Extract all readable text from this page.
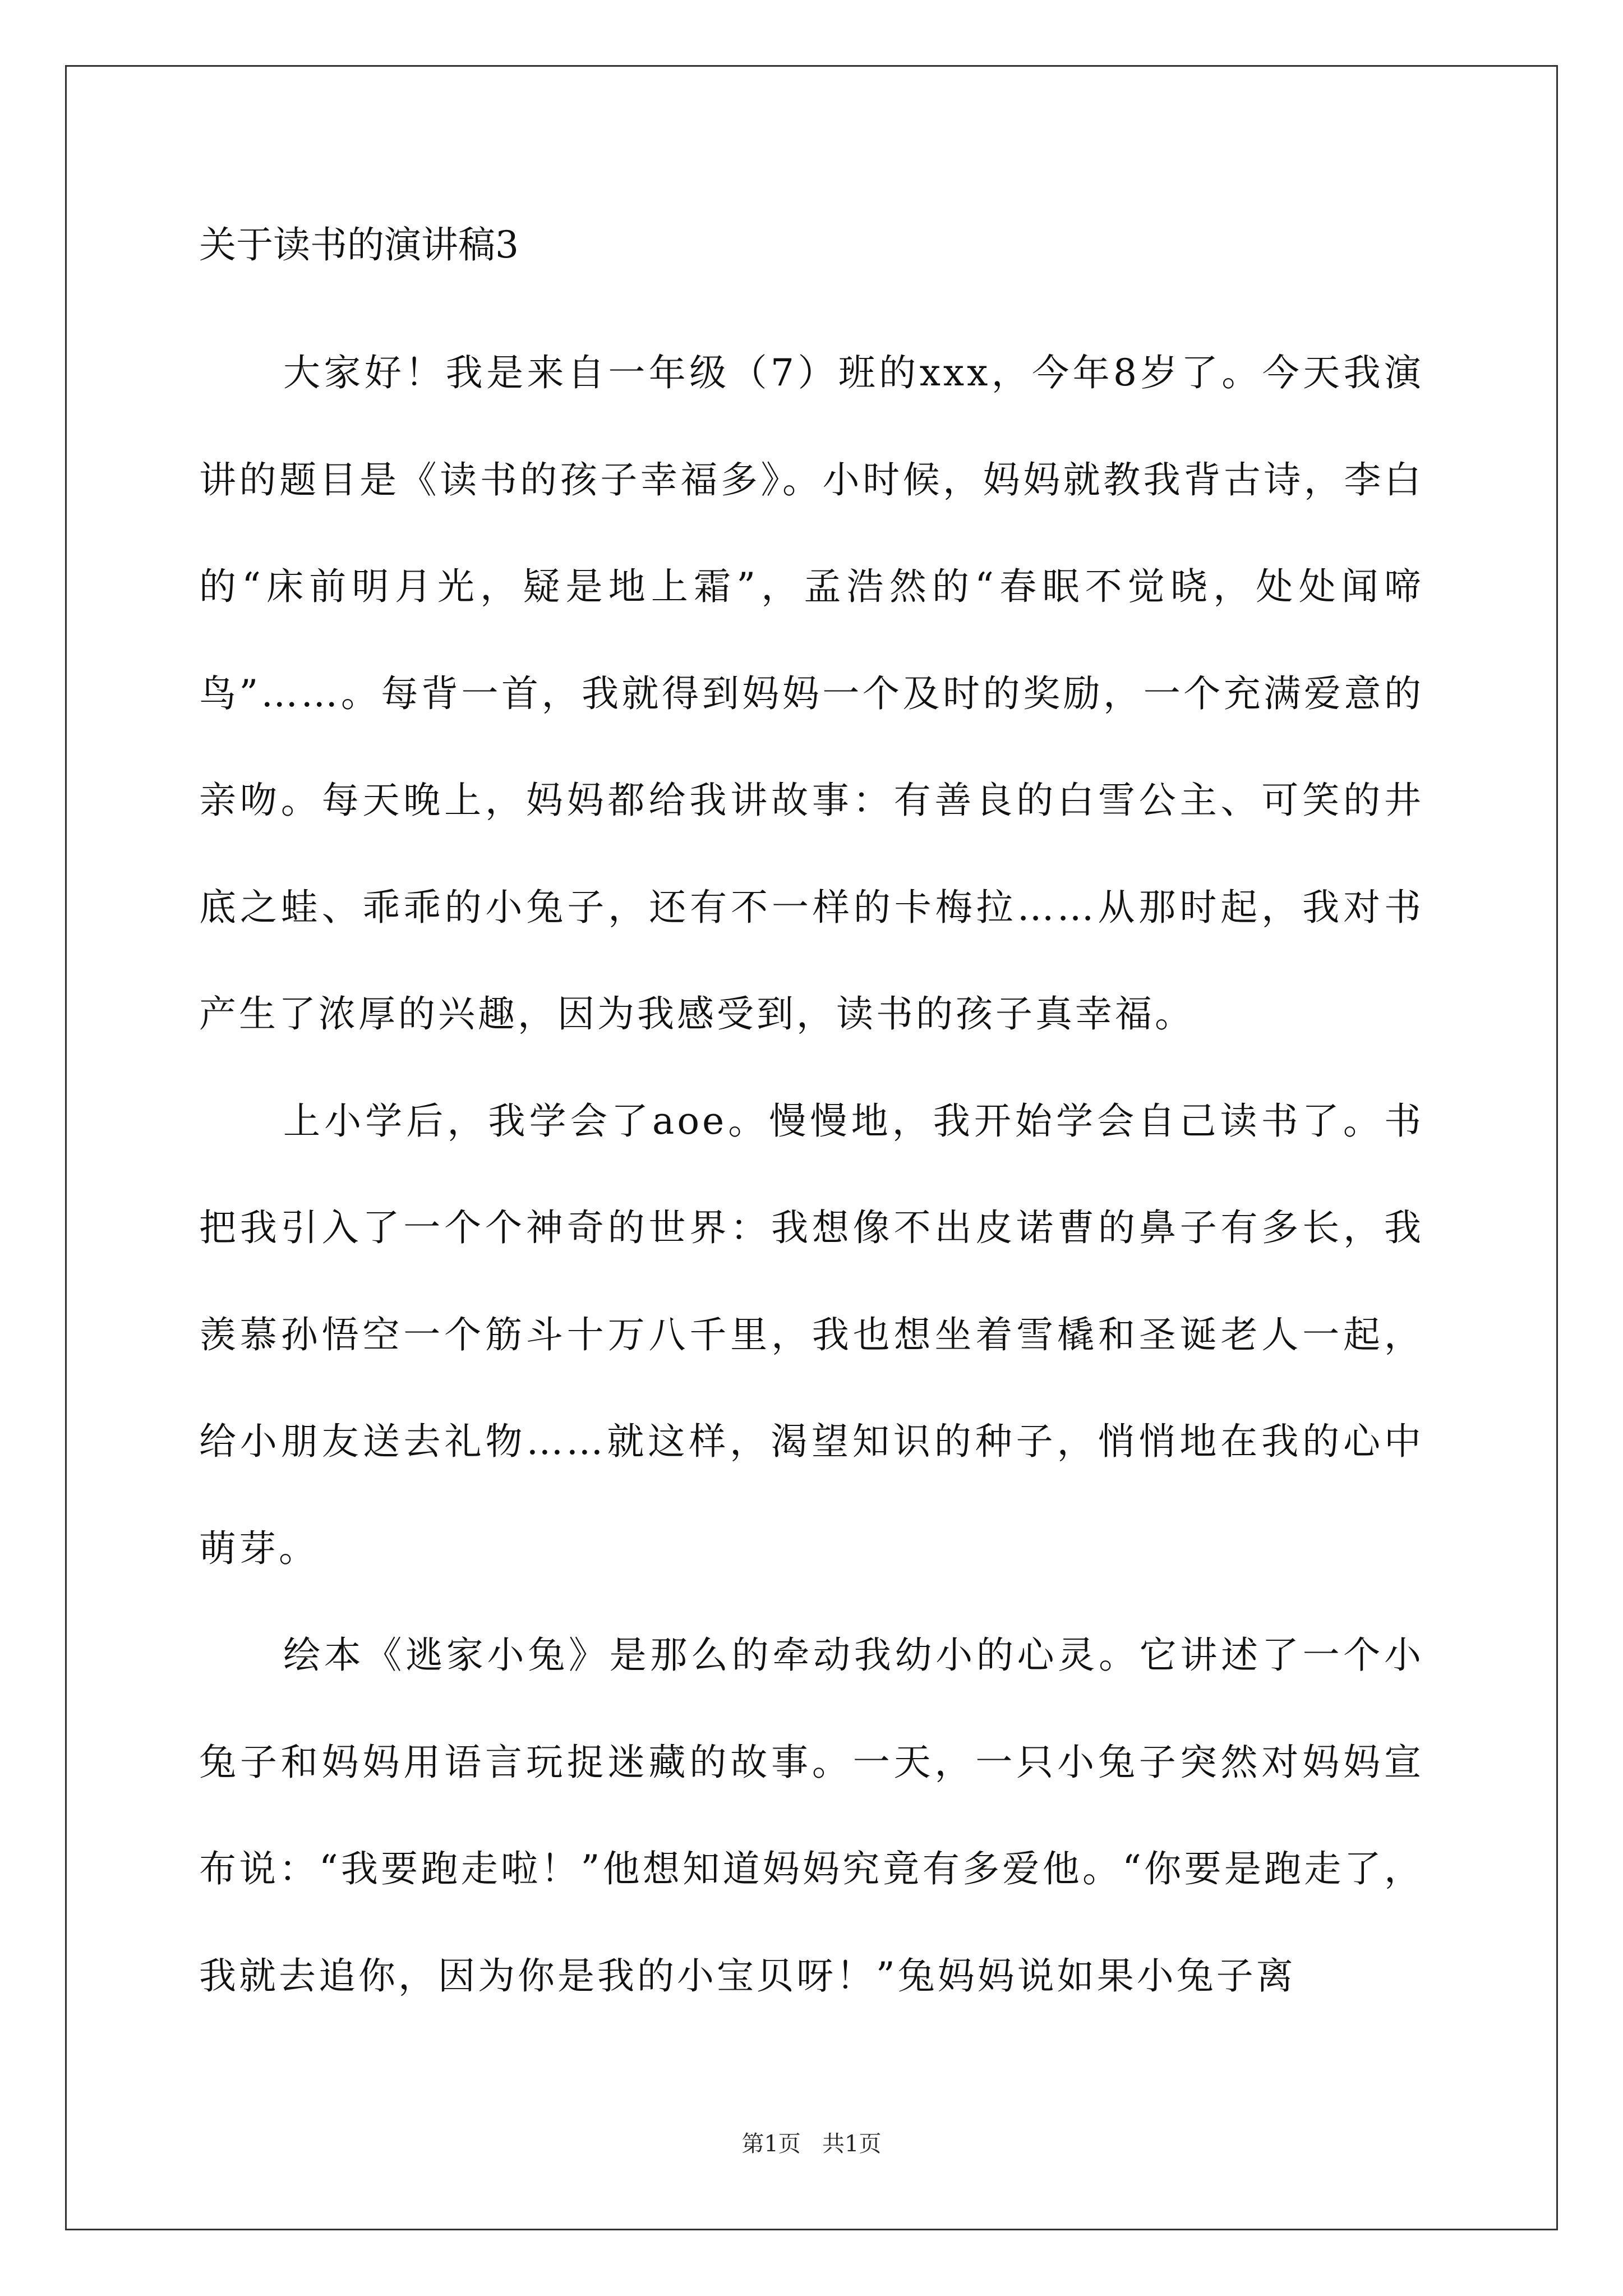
关于读书的演讲稿3

大家好！我是来自一年级（7）班的xxx，今年8岁了。今天我演讲的题目是《读书的孩子幸福多》。小时候，妈妈就教我背古诗，李白的“床前明月光，疑是地上霜”，孟浩然的“春眠不觉晓，处处闻啼鸟”……。每背一首，我就得到妈妈一个及时的奖励，一个充满爱意的亲吻。每天晚上，妈妈都给我讲故事：有善良的白雪公主、可笑的井底之蛙、乖乖的小兔子，还有不一样的卡梅拉……从那时起，我对书产生了浓厚的兴趣，因为我感受到，读书的孩子真幸福。

上小学后，我学会了aoe。慢慢地，我开始学会自己读书了。书把我引入了一个个神奇的世界：我想像不出皮诺曹的鼻子有多长，我羡慕孙悟空一个筋斗十万八千里，我也想坐着雪橇和圣诞老人一起，给小朋友送去礼物……就这样，渴望知识的种子，悄悄地在我的心中萌芽。

绘本《逃家小兔》是那么的牵动我幼小的心灵。它讲述了一个小兔子和妈妈用语言玩捉迷藏的故事。一天，一只小兔子突然对妈妈宣布说：“我要跑走啦！”他想知道妈妈究竟有多爱他。“你要是跑走了，我就去追你，因为你是我的小宝贝呀！”兔妈妈说如果小兔子离

第1页   共1页
